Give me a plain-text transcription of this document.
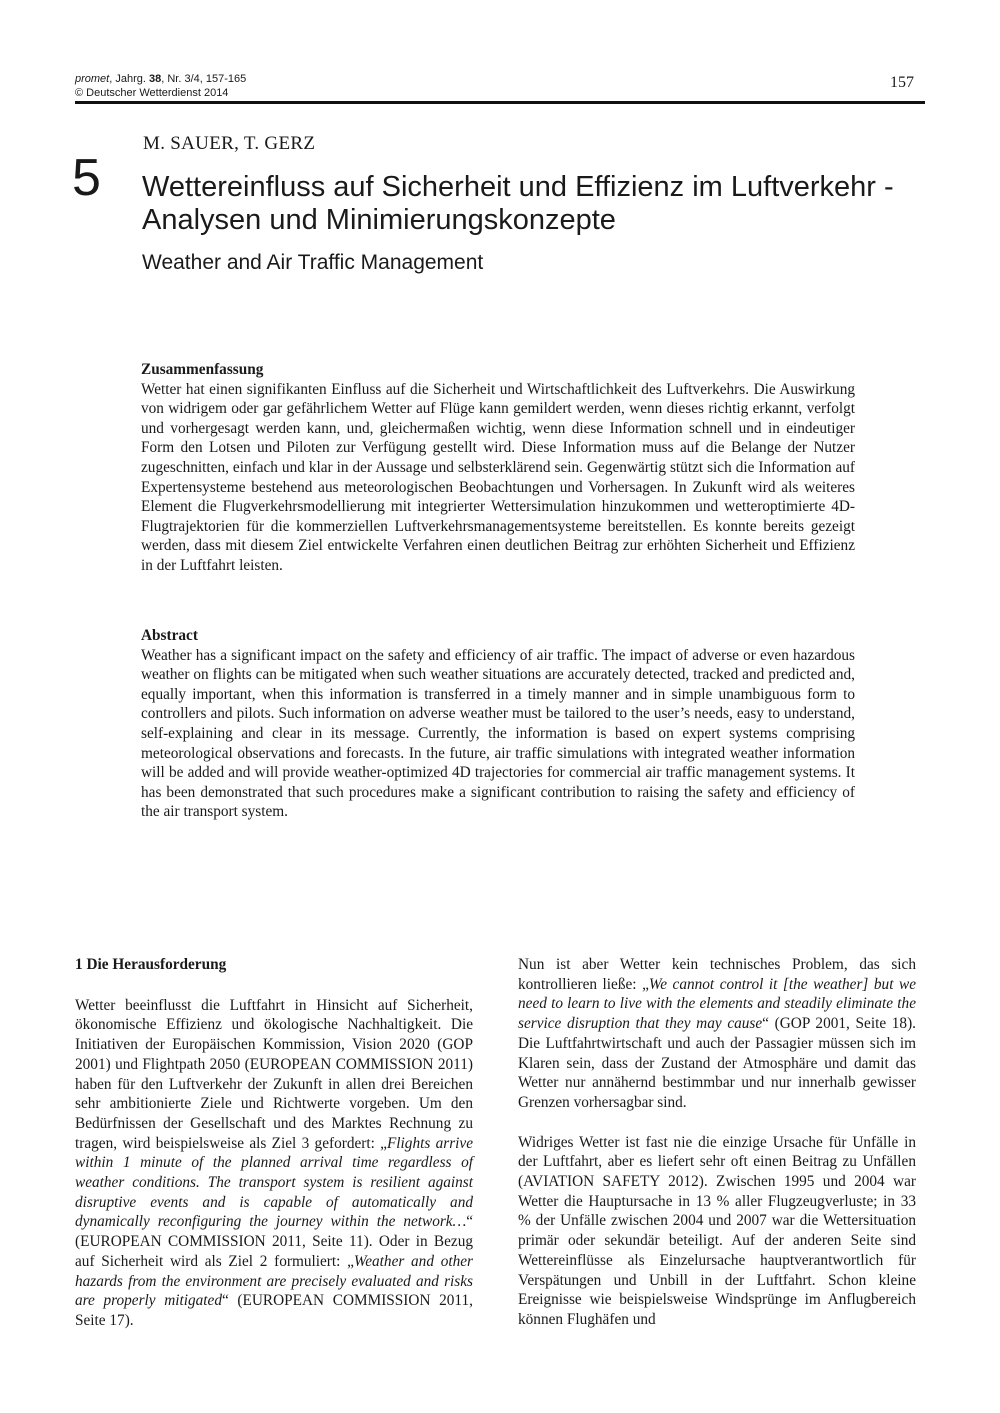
promet, Jahrg. 38, Nr. 3/4, 157-165
© Deutscher Wetterdienst 2014
157
5
M. SAUER, T. GERZ
Wettereinfluss auf Sicherheit und Effizienz im Luftverkehr - Analysen und Minimierungskonzepte
Weather and Air Traffic Management
Zusammenfassung

Wetter hat einen signifikanten Einfluss auf die Sicherheit und Wirtschaftlichkeit des Luftverkehrs. Die Auswirkung von widrigem oder gar gefährlichem Wetter auf Flüge kann gemildert werden, wenn dieses richtig erkannt, verfolgt und vorhergesagt werden kann, und, gleichermaßen wichtig, wenn diese Information schnell und in eindeutiger Form den Lotsen und Piloten zur Verfügung gestellt wird. Diese Information muss auf die Belange der Nutzer zugeschnitten, einfach und klar in der Aussage und selbsterklärend sein. Gegenwärtig stützt sich die Information auf Expertensysteme bestehend aus meteorologischen Beobachtungen und Vorhersagen. In Zukunft wird als weiteres Element die Flugverkehrsmodellierung mit integrierter Wettersimulation hinzukommen und wetteroptimierte 4D-Flugtrajektorien für die kommerziellen Luftverkehrsmanagementsysteme bereitstellen. Es konnte bereits gezeigt werden, dass mit diesem Ziel entwickelte Verfahren einen deutlichen Beitrag zur erhöhten Sicherheit und Effizienz in der Luftfahrt leisten.

Abstract

Weather has a significant impact on the safety and efficiency of air traffic. The impact of adverse or even hazardous weather on flights can be mitigated when such weather situations are accurately detected, tracked and predicted and, equally important, when this information is transferred in a timely manner and in simple unambiguous form to controllers and pilots. Such information on adverse weather must be tailored to the user’s needs, easy to understand, self-explaining and clear in its message. Currently, the information is based on expert systems comprising meteorological observations and forecasts. In the future, air traffic simulations with integrated weather information will be added and will provide weather-optimized 4D trajectories for commercial air traffic management systems. It has been demonstrated that such procedures make a significant contribution to raising the safety and efficiency of the air transport system.

1 Die Herausforderung

Wetter beeinflusst die Luftfahrt in Hinsicht auf Sicherheit, ökonomische Effizienz und ökologische Nachhaltigkeit. Die Initiativen der Europäischen Kommission, Vision 2020 (GOP 2001) und Flightpath 2050 (EUROPEAN COMMISSION 2011) haben für den Luftverkehr der Zukunft in allen drei Bereichen sehr ambitionierte Ziele und Richtwerte vorgeben. Um den Bedürfnissen der Gesellschaft und des Marktes Rechnung zu tragen, wird beispielsweise als Ziel 3 gefordert: „Flights arrive within 1 minute of the planned arrival time regardless of weather conditions. The transport system is resilient against disruptive events and is capable of automatically and dynamically reconfiguring the journey within the network…“ (EUROPEAN COMMISSION 2011, Seite 11). Oder in Bezug auf Sicherheit wird als Ziel 2 formuliert: „Weather and other hazards from the environment are precisely evaluated and risks are properly mitigated“ (EUROPEAN COMMISSION 2011, Seite 17).

Nun ist aber Wetter kein technisches Problem, das sich kontrollieren ließe: „We cannot control it [the weather] but we need to learn to live with the elements and steadily eliminate the service disruption that they may cause“ (GOP 2001, Seite 18). Die Luftfahrtwirtschaft und auch der Passagier müssen sich im Klaren sein, dass der Zustand der Atmosphäre und damit das Wetter nur annähernd bestimmbar und nur innerhalb gewisser Grenzen vorhersagbar sind.

Widriges Wetter ist fast nie die einzige Ursache für Unfälle in der Luftfahrt, aber es liefert sehr oft einen Beitrag zu Unfällen (AVIATION SAFETY 2012). Zwischen 1995 und 2004 war Wetter die Hauptursache in 13 % aller Flugzeugverluste; in 33 % der Unfälle zwischen 2004 und 2007 war die Wettersituation primär oder sekundär beteiligt. Auf der anderen Seite sind Wettereinflüsse als Einzelursache hauptverantwortlich für Verspätungen und Unbill in der Luftfahrt. Schon kleine Ereignisse wie beispielsweise Windsprünge im Anflugbereich können Flughäfen und
